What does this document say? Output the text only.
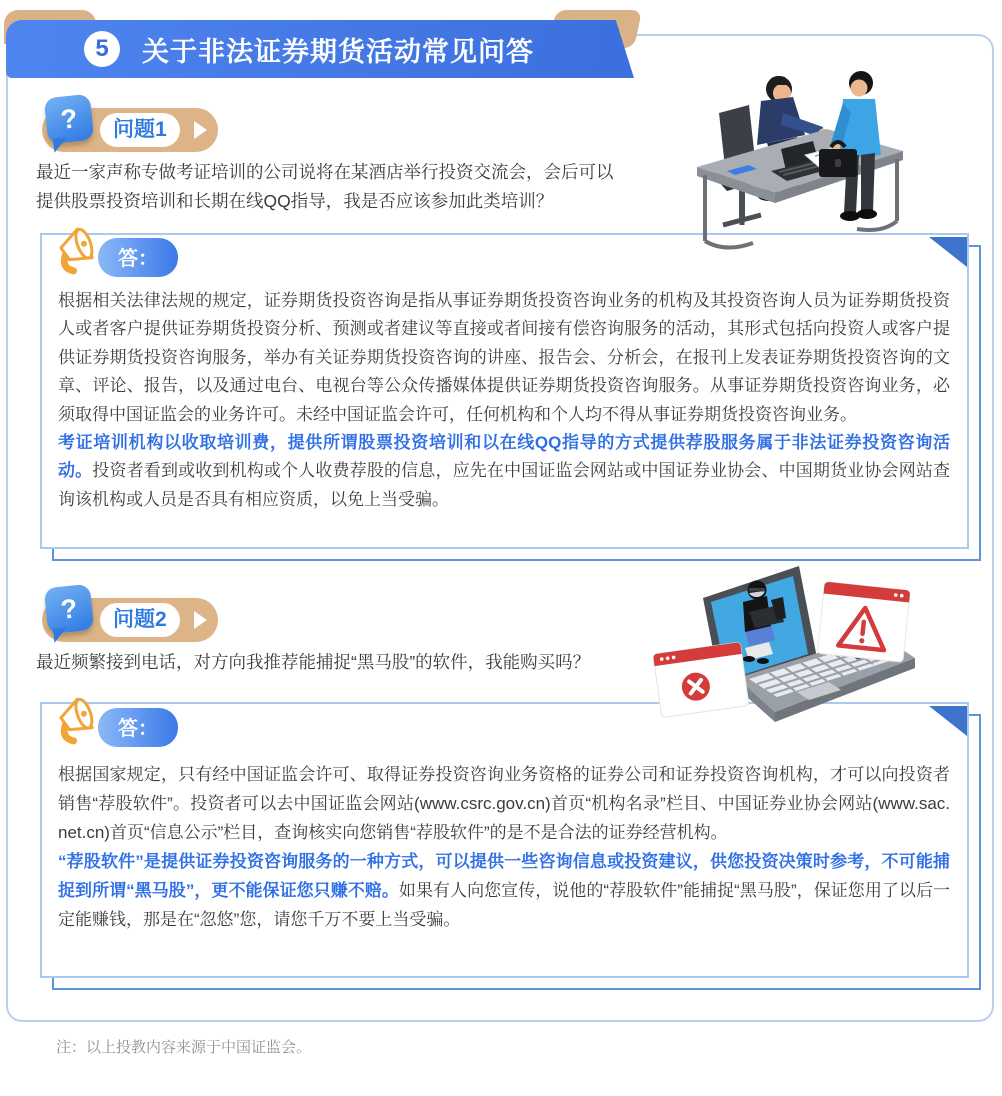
5	关于非法证券期货活动常见问答
?	问题1
最近一家声称专做考证培训的公司说将在某酒店举行投资交流会，会后可以
提供股票投资培训和长期在线QQ指导，我是否应该参加此类培训？
答：

根据相关法律法规的规定，证券期货投资咨询是指从事证券期货投资咨询业务的机构及其投资咨询人员为证券期货投资人或者客户提供证券期货投资分析、预测或者建议等直接或者间接有偿咨询服务的活动，其形式包括向投资人或客户提供证券期货投资咨询服务，举办有关证券期货投资咨询的讲座、报告会、分析会，在报刊上发表证券期货投资咨询的文章、评论、报告，以及通过电台、电视台等公众传播媒体提供证券期货投资咨询服务。从事证券期货投资咨询业务，必须取得中国证监会的业务许可。未经中国证监会许可，任何机构和个人均不得从事证券期货投资咨询业务。

考证培训机构以收取培训费，提供所谓股票投资培训和以在线QQ指导的方式提供荐股服务属于非法证券投资咨询活动。投资者看到或收到机构或个人收费荐股的信息，应先在中国证监会网站或中国证券业协会、中国期货业协会网站查询该机构或人员是否具有相应资质，以免上当受骗。

?	问题2
最近频繁接到电话，对方向我推荐能捕捉“黑马股”的软件，我能购买吗？
答：

根据国家规定，只有经中国证监会许可、取得证券投资咨询业务资格的证券公司和证券投资咨询机构，才可以向投资者销售“荐股软件”。投资者可以去中国证监会网站(www.csrc.gov.cn)首页“机构名录”栏目、中国证券业协会网站(www.sac.net.cn)首页“信息公示”栏目，查询核实向您销售“荐股软件”的是不是合法的证券经营机构。

“荐股软件”是提供证券投资咨询服务的一种方式，可以提供一些咨询信息或投资建议，供您投资决策时参考，不可能捕捉到所谓“黑马股”，更不能保证您只赚不赔。如果有人向您宣传，说他的“荐股软件”能捕捉“黑马股”，保证您用了以后一定能赚钱，那是在“忽悠”您，请您千万不要上当受骗。

注：以上投教内容来源于中国证监会。
